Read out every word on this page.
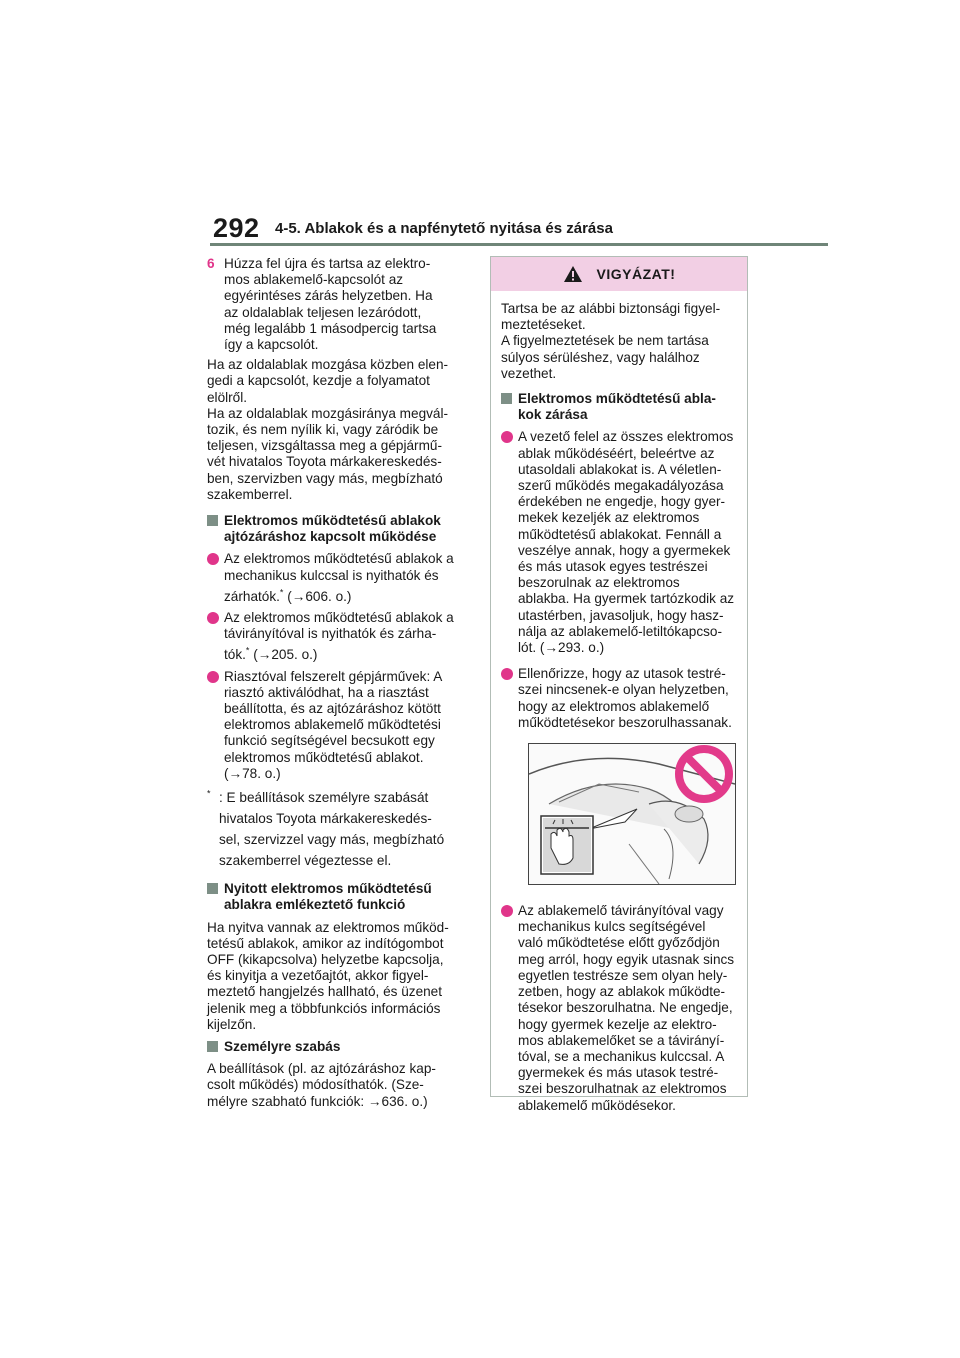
292 4-5. Ablakok és a napfénytető nyitása és zárása
6 Húzza fel újra és tartsa az elektro-
mos ablakemelő-kapcsolót az
egyérintéses zárás helyzetben. Ha
az oldalablak teljesen lezáródott,
még legalább 1 másodpercig tartsa
így a kapcsolót.

Ha az oldalablak mozgása közben elen-
gedi a kapcsolót, kezdje a folyamatot
elölről.

Ha az oldalablak mozgásiránya megvál-
tozik, és nem nyílik ki, vagy záródik be
teljesen, vizsgáltassa meg a gépjármű-
vét hivatalos Toyota márkakereskedés-
ben, szervizben vagy más, megbízható
szakemberrel.

Elektromos működtetésű ablakok
ajtózáráshoz kapcsolt működése
Az elektromos működtetésű ablakok a
mechanikus kulccsal is nyithatók és
zárhatók.* (→606. o.)
Az elektromos működtetésű ablakok a
távirányítóval is nyithatók és zárha-
tók.* (→205. o.)
Riasztóval felszerelt gépjárművek: A
riasztó aktiválódhat, ha a riasztást
beállította, és az ajtózáráshoz kötött
elektromos ablakemelő működtetési
funkció segítségével becsukott egy
elektromos működtetésű ablakot.
(→78. o.)
* : E beállítások személyre szabását
hivatalos Toyota márkakereskedés-
sel, szervizzel vagy más, megbízható
szakemberrel végeztesse el.
Nyitott elektromos működtetésű
ablakra emlékeztető funkció

Ha nyitva vannak az elektromos működ-
tetésű ablakok, amikor az indítógombot
OFF (kikapcsolva) helyzetbe kapcsolja,
és kinyitja a vezetőajtót, akkor figyel-
meztető hangjelzés hallható, és üzenet
jelenik meg a többfunkciós információs
kijelzőn.

Személyre szabás

A beállítások (pl. az ajtózáráshoz kap-
csolt működés) módosíthatók. (Sze-
mélyre szabható funkciók: →636. o.)

VIGYÁZAT!

Tartsa be az alábbi biztonsági figyel-
meztetéseket.
A figyelmeztetések be nem tartása
súlyos sérüléshez, vagy halálhoz
vezethet.

Elektromos működtetésű abla-
kok zárása
A vezető felel az összes elektromos
ablak működéséért, beleértve az
utasoldali ablakokat is. A véletlen-
szerű működés megakadályozása
érdekében ne engedje, hogy gyer-
mekek kezeljék az elektromos
működtetésű ablakokat. Fennáll a
veszélye annak, hogy a gyermekek
és más utasok egyes testrészei
beszorulnak az elektromos
ablakba. Ha gyermek tartózkodik az
utastérben, javasoljuk, hogy hasz-
nálja az ablakemelő-letiltókapcso-
lót. (→293. o.)
Ellenőrizze, hogy az utasok testré-
szei nincsenek-e olyan helyzetben,
hogy az elektromos ablakemelő
működtetésekor beszorulhassanak.
Az ablakemelő távirányítóval vagy
mechanikus kulcs segítségével
való működtetése előtt győződjön
meg arról, hogy egyik utasnak sincs
egyetlen testrésze sem olyan hely-
zetben, hogy az ablakok működte-
tésekor beszorulhatna. Ne engedje,
hogy gyermek kezelje az elektro-
mos ablakemelőket se a távirányí-
tóval, se a mechanikus kulccsal. A
gyermekek és más utasok testré-
szei beszorulhatnak az elektromos
ablakemelő működésekor.
